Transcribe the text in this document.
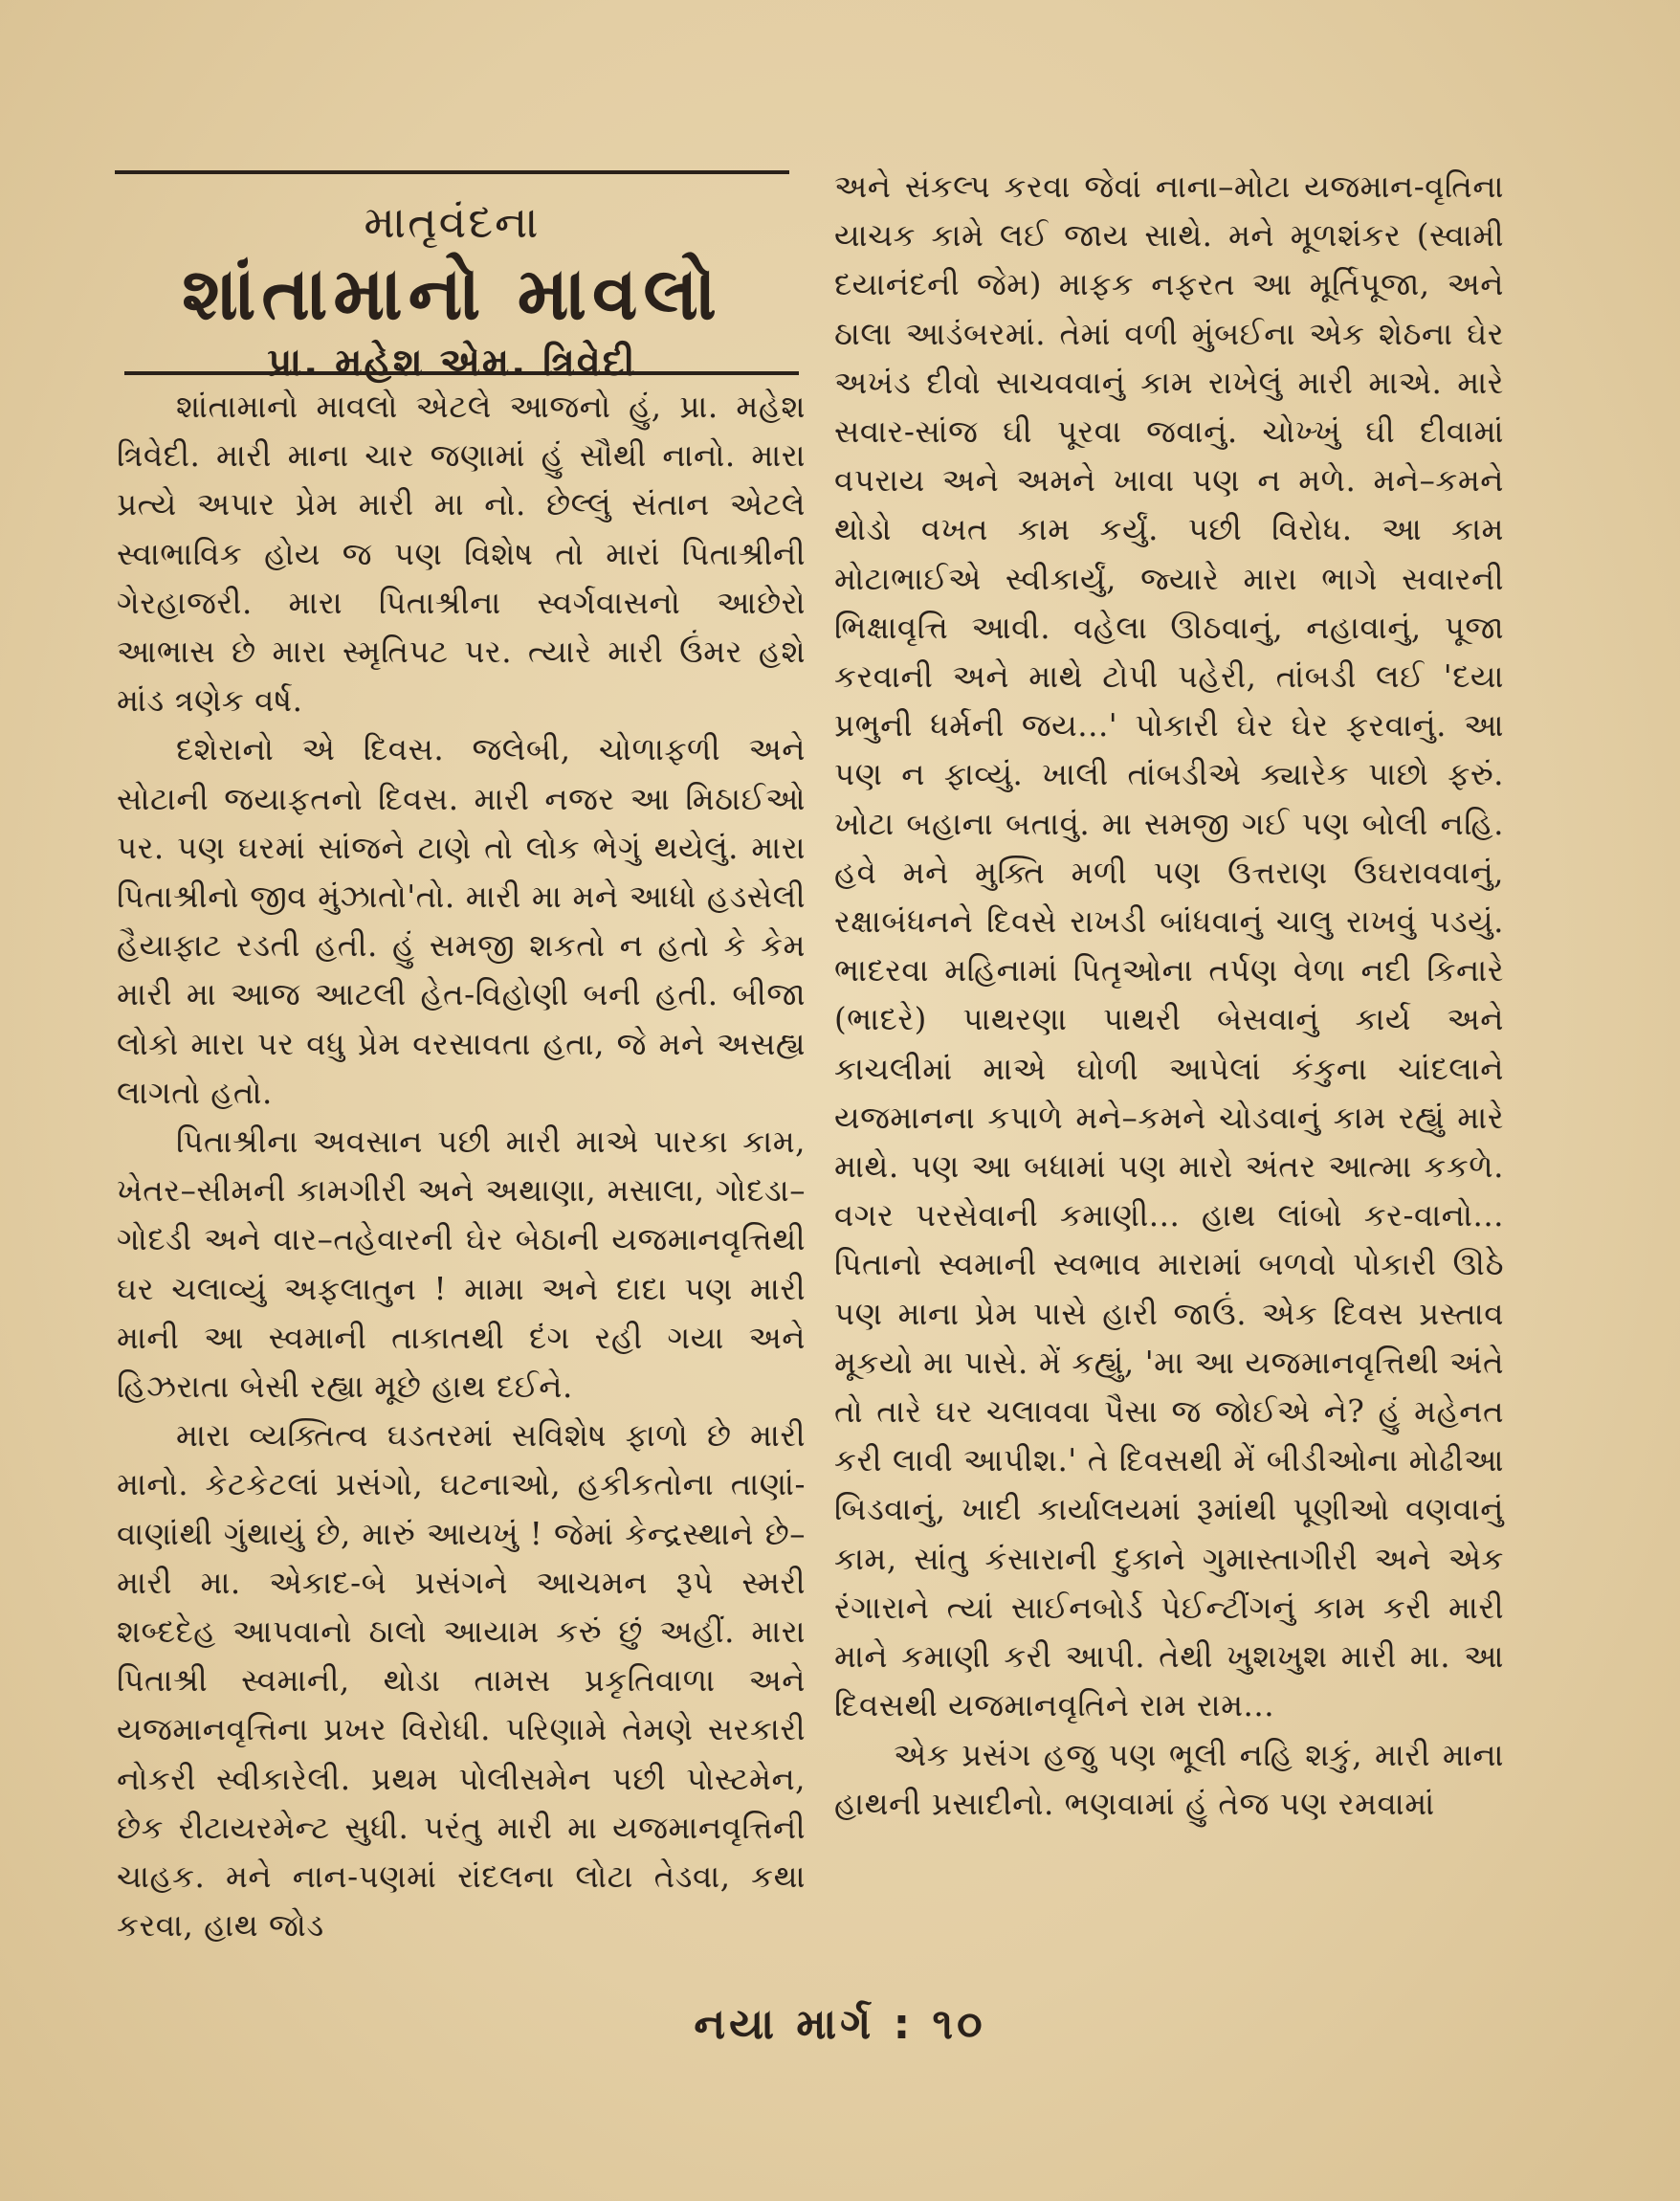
માતૃવંદના
શાંતામાનો માવલો
પ્રા. મહેશ એમ. ત્રિવેદી

શાંતામાનો માવલો એટલે આજનો હું, પ્રા. મહેશ ત્રિવેદી. મારી માના ચાર જણામાં હું સૌથી નાનો. મારા પ્રત્યે અપાર પ્રેમ મારી મા નો. છેલ્લું સંતાન એટલે સ્વાભાવિક હોય જ પણ વિશેષ તો મારાં પિતાશ્રીની ગેરહાજરી. મારા પિતાશ્રીના સ્વર્ગવાસનો આછેરો આભાસ છે મારા સ્મૃતિપટ પર. ત્યારે મારી ઉંમર હશે માંડ ત્રણેક વર્ષ.

દશેરાનો એ દિવસ. જલેબી, ચોળાફળી અને સોટાની જયાફતનો દિવસ. મારી નજર આ મિઠાઈઓ પર. પણ ઘરમાં સાંજને ટાણે તો લોક ભેગું થયેલું. મારા પિતાશ્રીનો જીવ મુંઝાતો'તો. મારી મા મને આધો હડસેલી હૈયાફાટ રડતી હતી. હું સમજી શકતો ન હતો કે કેમ મારી મા આજ આટલી હેત-વિહોણી બની હતી. બીજા લોકો મારા પર વધુ પ્રેમ વરસાવતા હતા, જે મને અસહ્ય લાગતો હતો.

પિતાશ્રીના અવસાન પછી મારી માએ પારકા કામ, ખેતર–સીમની કામગીરી અને અથાણા, મસાલા, ગોદડા–ગોદડી અને વાર–તહેવારની ઘેર બેઠાની યજમાનવૃત્તિથી ઘર ચલાવ્યું અફલાતુન ! મામા અને દાદા પણ મારી માની આ સ્વમાની તાકાતથી દંગ રહી ગયા અને હિઝરાતા બેસી રહ્યા મૂછે હાથ દઈને.

મારા વ્યક્તિત્વ ઘડતરમાં સવિશેષ ફાળો છે મારી માનો. કેટકેટલાં પ્રસંગો, ઘટનાઓ, હકીકતોના તાણાં-વાણાંથી ગુંથાયું છે, મારું આયખું ! જેમાં કેન્દ્રસ્થાને છે–મારી મા. એકાદ-બે પ્રસંગને આચમન રૂપે સ્મરી શબ્દદેહ આપવાનો ઠાલો આયામ કરું છું અહીં. મારા પિતાશ્રી સ્વમાની, થોડા તામસ પ્રકૃતિવાળા અને યજમાનવૃત્તિના પ્રખર વિરોધી. પરિણામે તેમણે સરકારી નોકરી સ્વીકારેલી. પ્રથમ પોલીસમેન પછી પોસ્ટમેન, છેક રીટાયરમેન્ટ સુધી. પરંતુ મારી મા યજમાનવૃત્તિની ચાહક. મને નાન-પણમાં રાંદલના લોટા તેડવા, કથા કરવા, હાથ જોડ

અને સંકલ્પ કરવા જેવાં નાના–મોટા યજમાન-વૃતિના યાચક કામે લઈ જાય સાથે. મને મૂળશંકર (સ્વામી દયાનંદની જેમ) માફક નફરત આ મૂર્તિપૂજા, અને ઠાલા આડંબરમાં. તેમાં વળી મુંબઈના એક શેઠના ઘેર અખંડ દીવો સાચવવાનું કામ રાખેલું મારી માએ. મારે સવાર-સાંજ ઘી પૂરવા જવાનું. ચોખ્ખું ઘી દીવામાં વપરાય અને અમને ખાવા પણ ન મળે. મને–કમને થોડો વખત કામ કર્યું. પછી વિરોધ. આ કામ મોટાભાઈએ સ્વીકાર્યું, જ્યારે મારા ભાગે સવારની ભિક્ષાવૃત્તિ આવી. વહેલા ઊઠવાનું, નહાવાનું, પૂજા કરવાની અને માથે ટોપી પહેરી, તાંબડી લઈ 'દયા પ્રભુની ધર્મની જય...' પોકારી ઘેર ઘેર ફરવાનું. આ પણ ન ફાવ્યું. ખાલી તાંબડીએ ક્યારેક પાછો ફરું. ખોટા બહાના બતાવું. મા સમજી ગઈ પણ બોલી નહિ. હવે મને મુક્તિ મળી પણ ઉત્તરાણ ઉઘરાવવાનું, રક્ષાબંધનને દિવસે રાખડી બાંધવાનું ચાલુ રાખવું પડયું. ભાદરવા મહિનામાં પિતૃઓના તર્પણ વેળા નદી કિનારે (ભાદરે) પાથરણા પાથરી બેસવાનું કાર્ય અને કાચલીમાં માએ ઘોળી આપેલાં કંકુના ચાંદલાને યજમાનના કપાળે મને–કમને ચોડવાનું કામ રહ્યું મારે માથે. પણ આ બધામાં પણ મારો અંતર આત્મા કકળે. વગર પરસેવાની કમાણી... હાથ લાંબો કર-વાનો... પિતાનો સ્વમાની સ્વભાવ મારામાં બળવો પોકારી ઊઠે પણ માના પ્રેમ પાસે હારી જાઉં. એક દિવસ પ્રસ્તાવ મૂકયો મા પાસે. મેં કહ્યું, 'મા આ યજમાનવૃત્તિથી અંતે તો તારે ઘર ચલાવવા પૈસા જ જોઈએ ને? હું મહેનત કરી લાવી આપીશ.' તે દિવસથી મેં બીડીઓના મોઢીઆ બિડવાનું, ખાદી કાર્યાલયમાં રૂમાંથી પૂણીઓ વણવાનું કામ, સાંતુ કંસારાની દુકાને ગુમાસ્તાગીરી અને એક રંગારાને ત્યાં સાઈનબોર્ડ પેઈન્ટીંગનું કામ કરી મારી માને કમાણી કરી આપી. તેથી ખુશખુશ મારી મા. આ દિવસથી યજમાનવૃતિને રામ રામ...

એક પ્રસંગ હજુ પણ ભૂલી નહિ શકું, મારી માના હાથની પ્રસાદીનો. ભણવામાં હું તેજ પણ રમવામાં

નયા માર્ગ : ૧૦
